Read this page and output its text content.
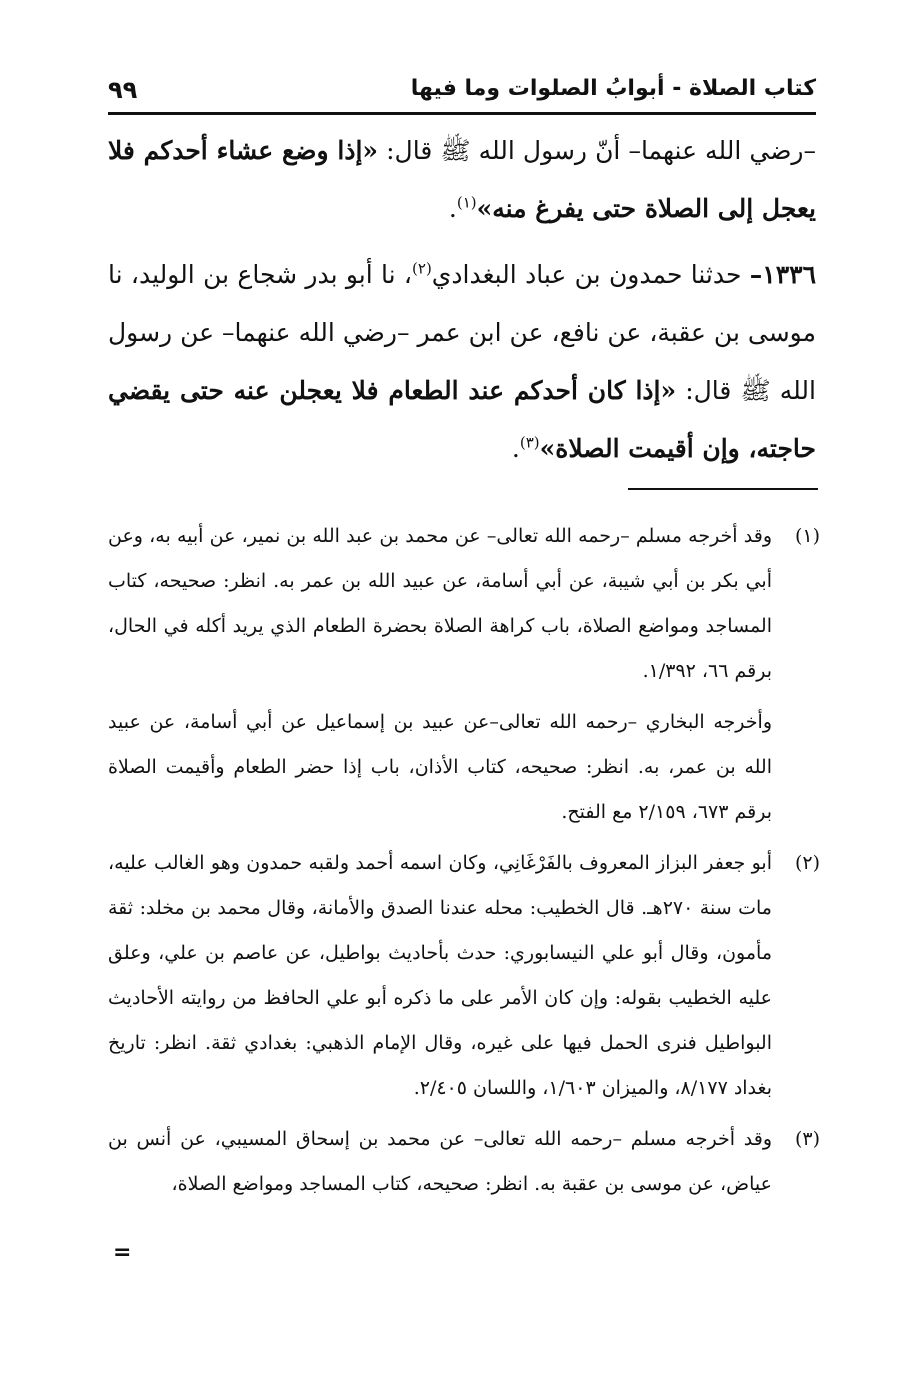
كتاب الصلاة - أبوابُ الصلوات وما فيها
٩٩

–رضي الله عنهما– أنّ رسول الله ﷺ قال: «إذا وضع عشاء أحدكم فلا يعجل إلى الصلاة حتى يفرغ منه»$^{(١)}$.

١٣٣٦– حدثنا حمدون بن عباد البغدادي$^{(٢)}$، نا أبو بدر شجاع بن الوليد، نا موسى بن عقبة، عن نافع، عن ابن عمر –رضي الله عنهما– عن رسول الله ﷺ قال: «إذا كان أحدكم عند الطعام فلا يعجلن عنه حتى يقضي حاجته، وإن أقيمت الصلاة»$^{(٣)}$.

(١)

وقد أخرجه مسلم –رحمه الله تعالى– عن محمد بن عبد الله بن نمير، عن أبيه به، وعن أبي بكر بن أبي شيبة، عن أبي أسامة، عن عبيد الله بن عمر به. انظر: صحيحه، كتاب المساجد ومواضع الصلاة، باب كراهة الصلاة بحضرة الطعام الذي يريد أكله في الحال، برقم ٦٦، ١/٣٩٢.

وأخرجه البخاري –رحمه الله تعالى–عن عبيد بن إسماعيل عن أبي أسامة، عن عبيد الله بن عمر، به. انظر: صحيحه، كتاب الأذان، باب إذا حضر الطعام وأقيمت الصلاة برقم ٦٧٣، ٢/١٥٩ مع الفتح.

(٢)

أبو جعفر البزاز المعروف بالفَرْغَانِي، وكان اسمه أحمد ولقبه حمدون وهو الغالب عليه، مات سنة ٢٧٠هـ. قال الخطيب: محله عندنا الصدق والأمانة، وقال محمد بن مخلد: ثقة مأمون، وقال أبو علي النيسابوري: حدث بأحاديث بواطيل، عن عاصم بن علي، وعلق عليه الخطيب بقوله: وإن كان الأمر على ما ذكره أبو علي الحافظ من روايته الأحاديث البواطيل فنرى الحمل فيها على غيره، وقال الإمام الذهبي: بغدادي ثقة. انظر: تاريخ بغداد ٨/١٧٧، والميزان ١/٦٠٣، واللسان ٢/٤٠٥.

(٣)

وقد أخرجه مسلم –رحمه الله تعالى– عن محمد بن إسحاق المسيبي، عن أنس بن عياض، عن موسى بن عقبة به. انظر: صحيحه، كتاب المساجد ومواضع الصلاة،

=
